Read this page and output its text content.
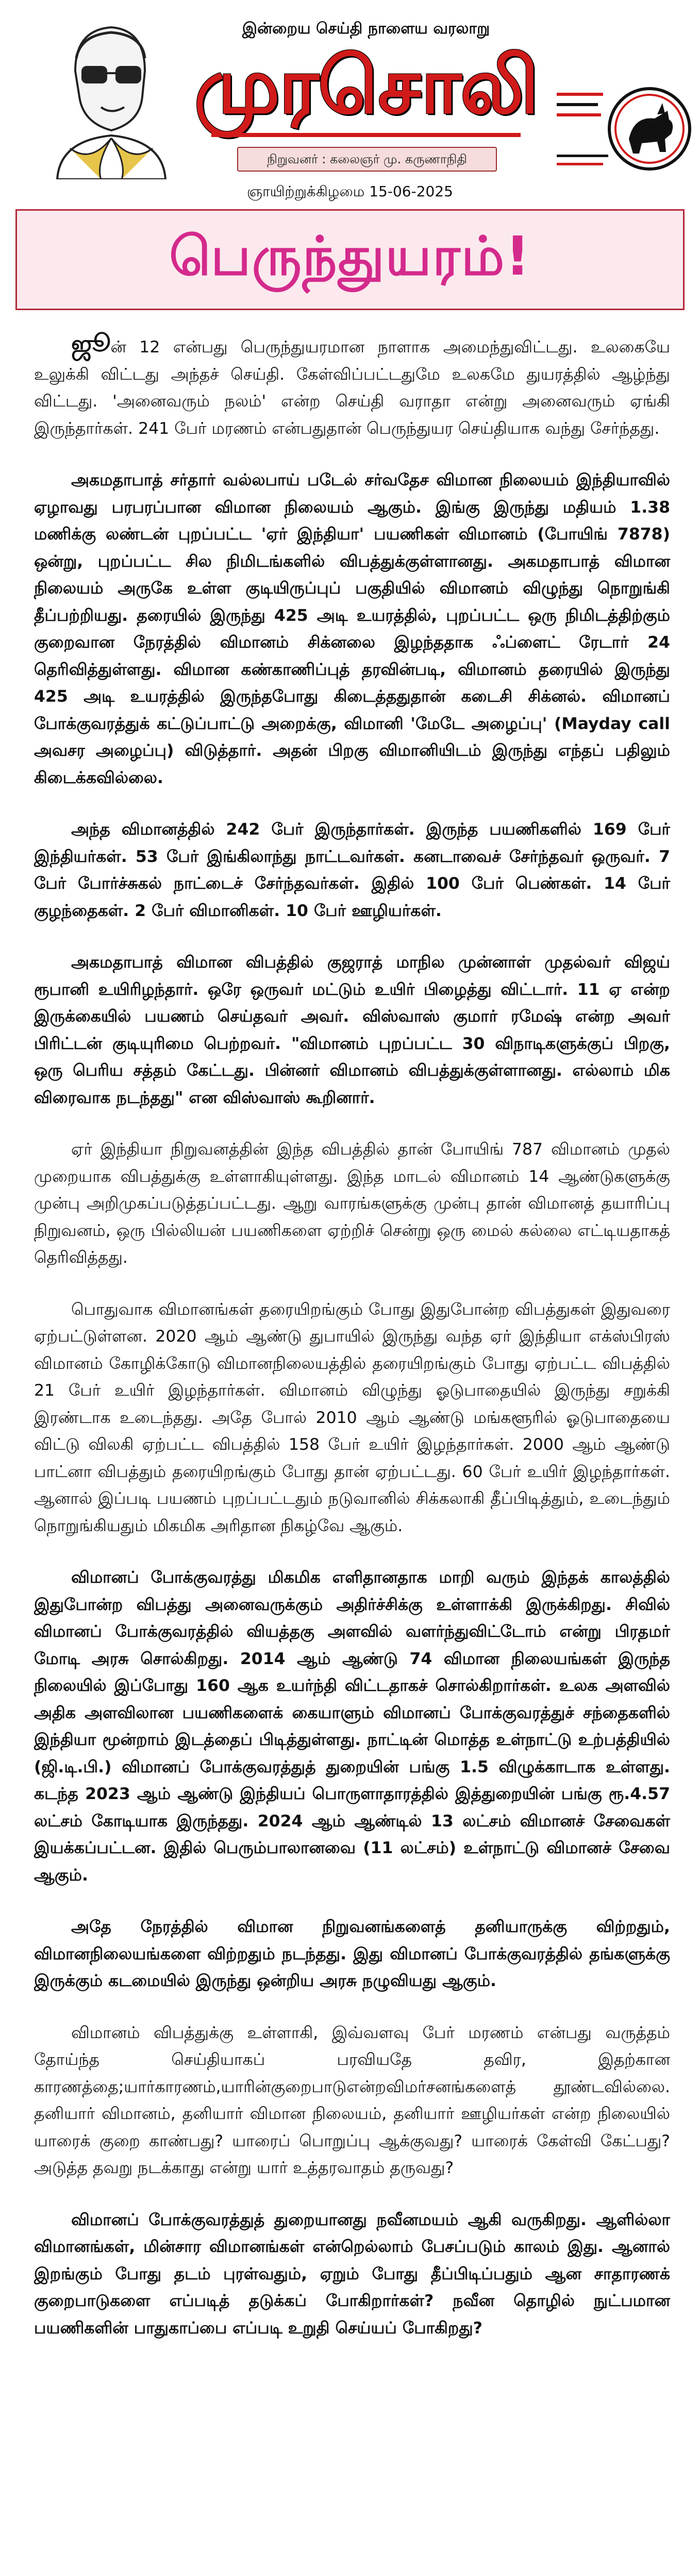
இன்றைய செய்தி நாளைய வரலாறு
முரசொலி
நிறுவனர் : கலைஞர் மு. கருணாநிதி
ஞாயிற்றுக்கிழமை 15-06-2025
பெருந்துயரம்!

ஜூன் 12 என்பது பெருந்துயரமான நாளாக அமைந்துவிட்டது. உலகையே உலுக்கி விட்டது அந்தச் செய்தி. கேள்விப்பட்டதுமே உலகமே துயரத்தில் ஆழ்ந்து விட்டது. 'அனைவரும் நலம்' என்ற செய்தி வராதா என்று அனைவரும் ஏங்கி இருந்தார்கள். 241 பேர் மரணம் என்பதுதான் பெருந்துயர செய்தியாக வந்து சேர்ந்தது.

அகமதாபாத் சர்தார் வல்லபாய் படேல் சர்வதேச விமான நிலையம் இந்தியாவில் ஏழாவது பரபரப்பான விமான நிலையம் ஆகும். இங்கு இருந்து மதியம் 1.38 மணிக்கு லண்டன் புறப்பட்ட 'ஏர் இந்தியா' பயணிகள் விமானம் (போயிங் 7878) ஒன்று, புறப்பட்ட சில நிமிடங்களில் விபத்துக்குள்ளானது. அகமதாபாத் விமான நிலையம் அருகே உள்ள குடியிருப்புப் பகுதியில் விமானம் விழுந்து நொறுங்கி தீப்பற்றியது. தரையில் இருந்து 425 அடி உயரத்தில், புறப்பட்ட ஒரு நிமிடத்திற்கும் குறைவான நேரத்தில் விமானம் சிக்னலை இழந்ததாக ஃப்ளைட் ரேடார் 24 தெரிவித்துள்ளது. விமான கண்காணிப்புத் தரவின்படி, விமானம் தரையில் இருந்து 425 அடி உயரத்தில் இருந்தபோது கிடைத்ததுதான் கடைசி சிக்னல். விமானப் போக்குவரத்துக் கட்டுப்பாட்டு அறைக்கு, விமானி 'மேடே அழைப்பு' (Mayday call அவசர அழைப்பு) விடுத்தார். அதன் பிறகு விமானியிடம் இருந்து எந்தப் பதிலும் கிடைக்கவில்லை.

அந்த விமானத்தில் 242 பேர் இருந்தார்கள். இருந்த பயணிகளில் 169 பேர் இந்தியர்கள். 53 பேர் இங்கிலாந்து நாட்டவர்கள். கனடாவைச் சேர்ந்தவர் ஒருவர். 7 பேர் போர்ச்சுகல் நாட்டைச் சேர்ந்தவர்கள். இதில் 100 பேர் பெண்கள். 14 பேர் குழந்தைகள். 2 பேர் விமானிகள். 10 பேர் ஊழியர்கள்.

அகமதாபாத் விமான விபத்தில் குஜராத் மாநில முன்னாள் முதல்வர் விஜய் ரூபானி உயிரிழந்தார். ஒரே ஒருவர் மட்டும் உயிர் பிழைத்து விட்டார். 11 ஏ என்ற இருக்கையில் பயணம் செய்தவர் அவர். விஸ்வாஸ் குமார் ரமேஷ் என்ற அவர் பிரிட்டன் குடியுரிமை பெற்றவர். "விமானம் புறப்பட்ட 30 விநாடிகளுக்குப் பிறகு, ஒரு பெரிய சத்தம் கேட்டது. பின்னர் விமானம் விபத்துக்குள்ளானது. எல்லாம் மிக விரைவாக நடந்தது" என விஸ்வாஸ் கூறினார்.

ஏர் இந்தியா நிறுவனத்தின் இந்த விபத்தில் தான் போயிங் 787 விமானம் முதல் முறையாக விபத்துக்கு உள்ளாகியுள்ளது. இந்த மாடல் விமானம் 14 ஆண்டுகளுக்கு முன்பு அறிமுகப்படுத்தப்பட்டது. ஆறு வாரங்களுக்கு முன்பு தான் விமானத் தயாரிப்பு நிறுவனம், ஒரு பில்லியன் பயணிகளை ஏற்றிச் சென்று ஒரு மைல் கல்லை எட்டியதாகத் தெரிவித்தது.

பொதுவாக விமானங்கள் தரையிறங்கும் போது இதுபோன்ற விபத்துகள் இதுவரை ஏற்பட்டுள்ளன. 2020 ஆம் ஆண்டு துபாயில் இருந்து வந்த ஏர் இந்தியா எக்ஸ்பிரஸ் விமானம் கோழிக்கோடு விமானநிலையத்தில் தரையிறங்கும் போது ஏற்பட்ட விபத்தில் 21 பேர் உயிர் இழந்தார்கள். விமானம் விழுந்து ஓடுபாதையில் இருந்து சறுக்கி இரண்டாக உடைந்தது. அதே போல் 2010 ஆம் ஆண்டு மங்களூரில் ஓடுபாதையை விட்டு விலகி ஏற்பட்ட விபத்தில் 158 பேர் உயிர் இழந்தார்கள். 2000 ஆம் ஆண்டு பாட்னா விபத்தும் தரையிறங்கும் போது தான் ஏற்பட்டது. 60 பேர் உயிர் இழந்தார்கள். ஆனால் இப்படி பயணம் புறப்பட்டதும் நடுவானில் சிக்கலாகி தீப்பிடித்தும், உடைந்தும் நொறுங்கியதும் மிகமிக அரிதான நிகழ்வே ஆகும்.

விமானப் போக்குவரத்து மிகமிக எளிதானதாக மாறி வரும் இந்தக் காலத்தில் இதுபோன்ற விபத்து அனைவருக்கும் அதிர்ச்சிக்கு உள்ளாக்கி இருக்கிறது. சிவில் விமானப் போக்குவரத்தில் வியத்தகு அளவில் வளர்ந்துவிட்டோம் என்று பிரதமர் மோடி அரசு சொல்கிறது. 2014 ஆம் ஆண்டு 74 விமான நிலையங்கள் இருந்த நிலையில் இப்போது 160 ஆக உயர்ந்தி விட்டதாகச் சொல்கிறார்கள். உலக அளவில் அதிக அளவிலான பயணிகளைக் கையாளும் விமானப் போக்குவரத்துச் சந்தைகளில் இந்தியா மூன்றாம் இடத்தைப் பிடித்துள்ளது. நாட்டின் மொத்த உள்நாட்டு உற்பத்தியில் (ஜி.டி.பி.) விமானப் போக்குவரத்துத் துறையின் பங்கு 1.5 விழுக்காடாக உள்ளது. கடந்த 2023 ஆம் ஆண்டு இந்தியப் பொருளாதாரத்தில் இத்துறையின் பங்கு ரூ.4.57 லட்சம் கோடியாக இருந்தது. 2024 ஆம் ஆண்டில் 13 லட்சம் விமானச் சேவைகள் இயக்கப்பட்டன. இதில் பெரும்பாலானவை (11 லட்சம்) உள்நாட்டு விமானச் சேவை ஆகும்.

அதே நேரத்தில் விமான நிறுவனங்களைத் தனியாருக்கு விற்றதும், விமானநிலையங்களை விற்றதும் நடந்தது. இது விமானப் போக்குவரத்தில் தங்களுக்கு இருக்கும் கடமையில் இருந்து ஒன்றிய அரசு நழுவியது ஆகும்.

விமானம் விபத்துக்கு உள்ளாகி, இவ்வளவு பேர் மரணம் என்பது வருத்தம் தோய்ந்த செய்தியாகப் பரவியதே தவிர, இதற்கான காரணத்தை;யார்காரணம்,யாரின்குறைபாடுஎன்றவிமர்சனங்களைத் தூண்டவில்லை. தனியார் விமானம், தனியார் விமான நிலையம், தனியார் ஊழியர்கள் என்ற நிலையில் யாரைக் குறை காண்பது? யாரைப் பொறுப்பு ஆக்குவது? யாரைக் கேள்வி கேட்பது? அடுத்த தவறு நடக்காது என்று யார் உத்தரவாதம் தருவது?

விமானப் போக்குவரத்துத் துறையானது நவீனமயம் ஆகி வருகிறது. ஆளில்லா விமானங்கள், மின்சார விமானங்கள் என்றெல்லாம் பேசப்படும் காலம் இது. ஆனால் இறங்கும் போது தடம் புரள்வதும், ஏறும் போது தீப்பிடிப்பதும் ஆன சாதாரணக் குறைபாடுகளை எப்படித் தடுக்கப் போகிறார்கள்? நவீன தொழில் நுட்பமான பயணிகளின் பாதுகாப்பை எப்படி உறுதி செய்யப் போகிறது?
